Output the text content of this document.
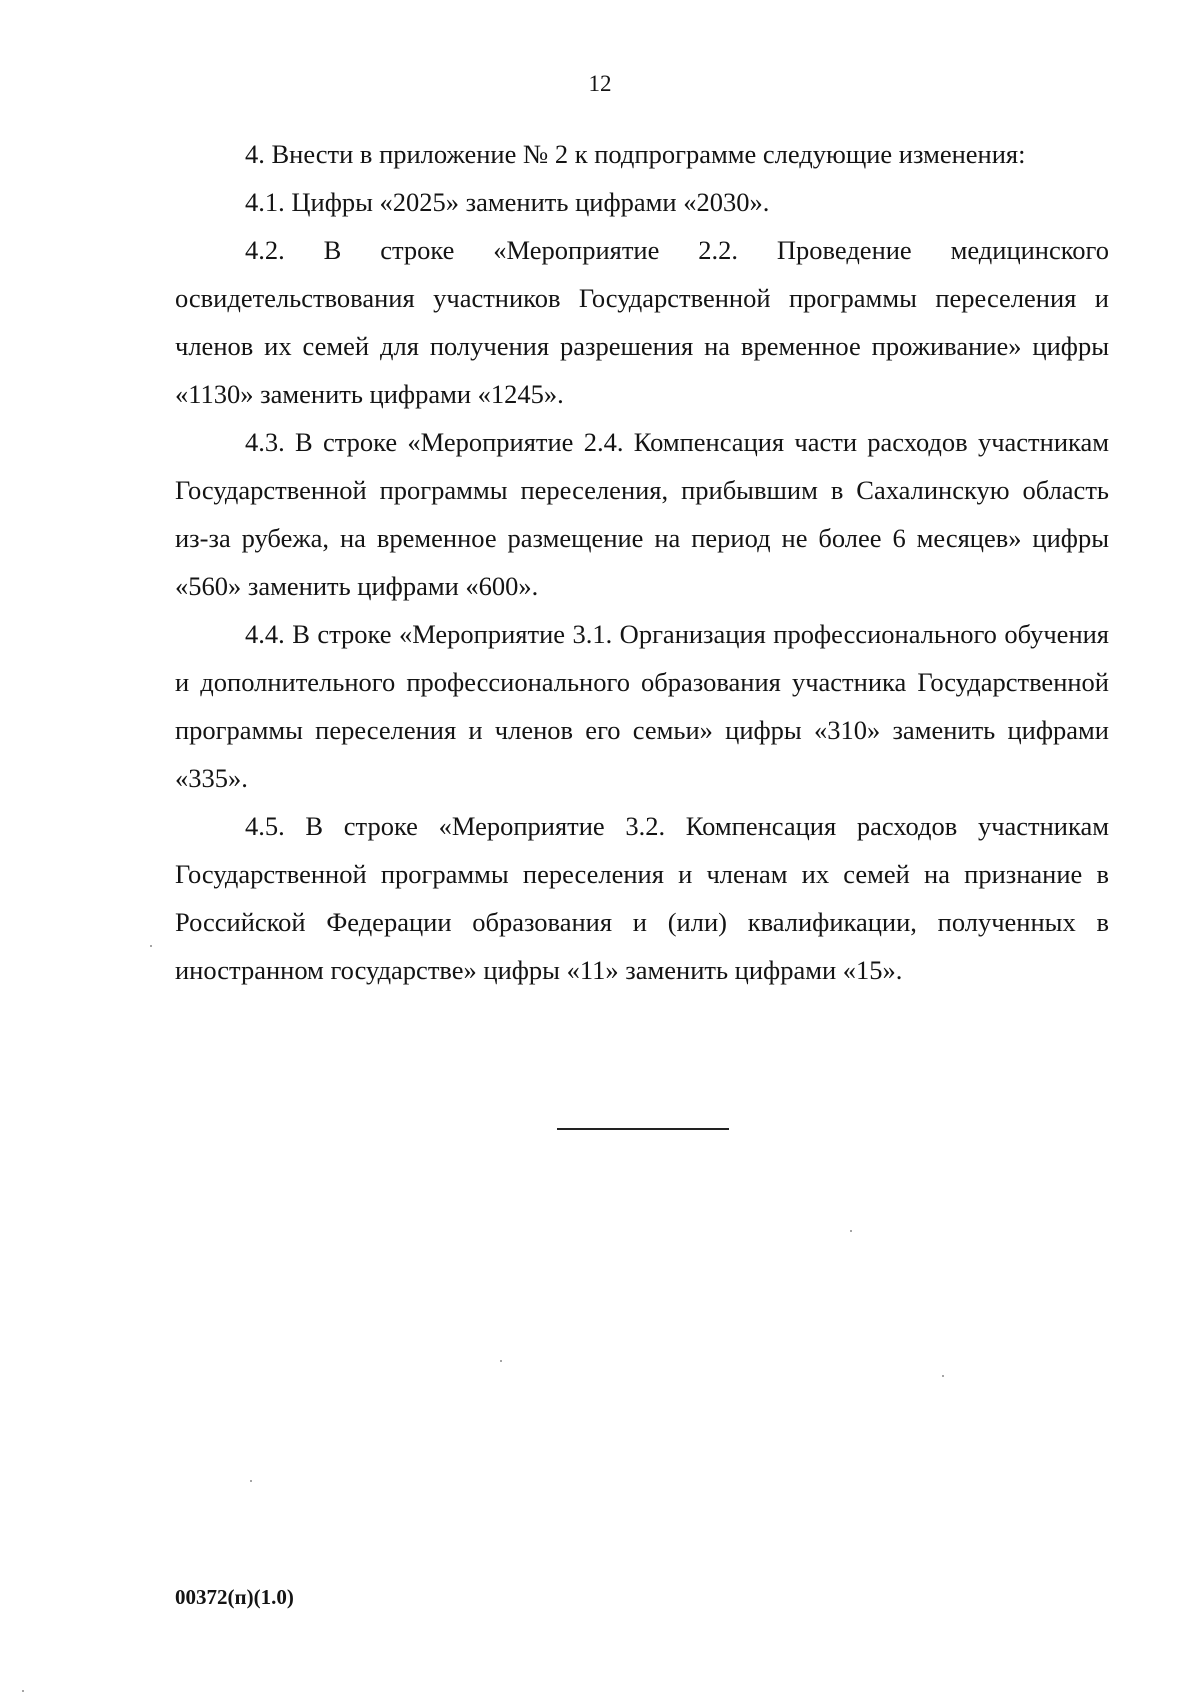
12

4. Внести в приложение № 2 к подпрограмме следующие изменения:

4.1. Цифры «2025» заменить цифрами «2030».

4.2. В строке «Мероприятие 2.2. Проведение медицинского освидетельствования участников Государственной программы переселения и членов их семей для получения разрешения на временное проживание» цифры «1130» заменить цифрами «1245».

4.3. В строке «Мероприятие 2.4. Компенсация части расходов участникам Государственной программы переселения, прибывшим в Сахалинскую область из-за рубежа, на временное размещение на период не более 6 месяцев» цифры «560» заменить цифрами «600».

4.4. В строке «Мероприятие 3.1. Организация профессионального обучения и дополнительного профессионального образования участника Государственной программы переселения и членов его семьи» цифры «310» заменить цифрами «335».

4.5. В строке «Мероприятие 3.2. Компенсация расходов участникам Государственной программы переселения и членам их семей на признание в Российской Федерации образования и (или) квалификации, полученных в иностранном государстве» цифры «11» заменить цифрами «15».

00372(п)(1.0)
